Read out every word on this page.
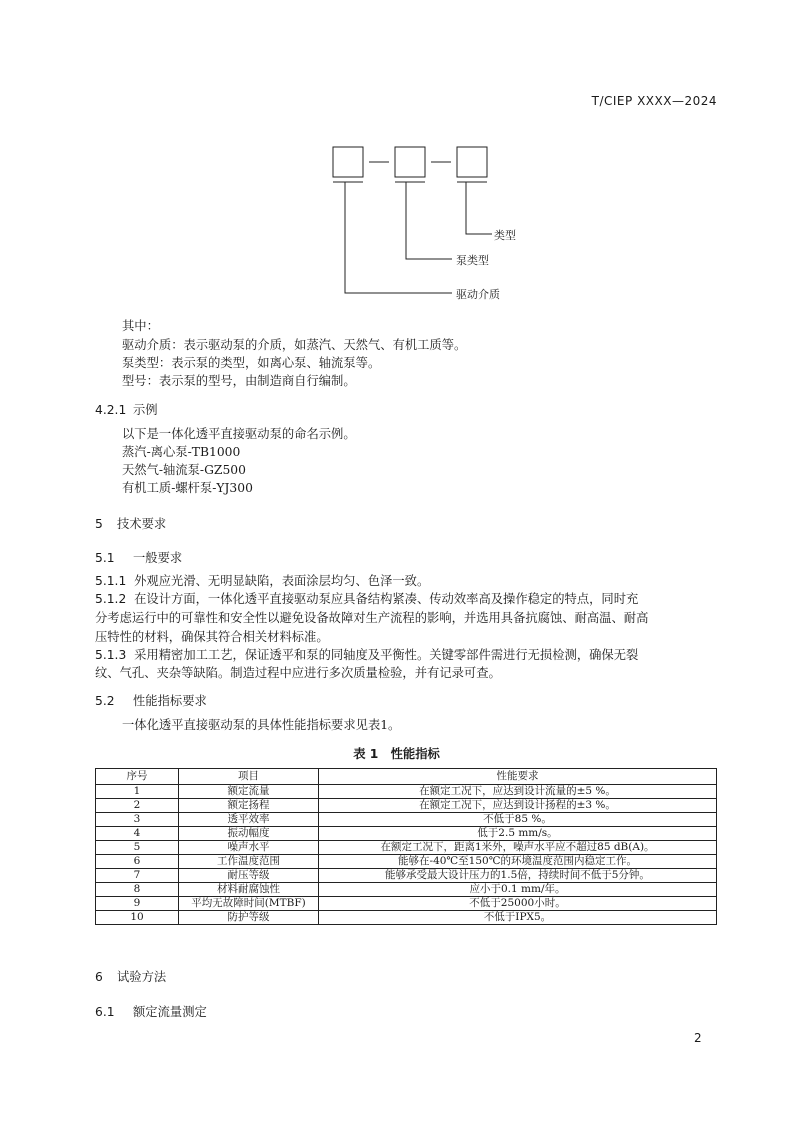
T/CIEP XXXX—2024
类型
泵类型
驱动介质
其中：
驱动介质：表示驱动泵的介质，如蒸汽、天然气、有机工质等。
泵类型：表示泵的类型，如离心泵、轴流泵等。
型号：表示泵的型号，由制造商自行编制。
4.2.1 示例
以下是一体化透平直接驱动泵的命名示例。
蒸汽-离心泵-TB1000
天然气-轴流泵-GZ500
有机工质-螺杆泵-YJ300
5 技术要求
5.1 一般要求
5.1.1 外观应光滑、无明显缺陷，表面涂层均匀、色泽一致。
5.1.2 在设计方面，一体化透平直接驱动泵应具备结构紧凑、传动效率高及操作稳定的特点，同时充
分考虑运行中的可靠性和安全性以避免设备故障对生产流程的影响，并选用具备抗腐蚀、耐高温、耐高
压特性的材料，确保其符合相关材料标准。
5.1.3 采用精密加工工艺，保证透平和泵的同轴度及平衡性。关键零部件需进行无损检测，确保无裂
纹、气孔、夹杂等缺陷。制造过程中应进行多次质量检验，并有记录可查。
5.2 性能指标要求
一体化透平直接驱动泵的具体性能指标要求见表1。
表 1　性能指标
序号	项目	性能要求
1	额定流量	在额定工况下，应达到设计流量的±5 %。
2	额定扬程	在额定工况下，应达到设计扬程的±3 %。
3	透平效率	不低于85 %。
4	振动幅度	低于2.5 mm/s。
5	噪声水平	在额定工况下，距离1米外，噪声水平应不超过85 dB(A)。
6	工作温度范围	能够在-40℃至150℃的环境温度范围内稳定工作。
7	耐压等级	能够承受最大设计压力的1.5倍，持续时间不低于5分钟。
8	材料耐腐蚀性	应小于0.1 mm/年。
9	平均无故障时间(MTBF)	不低于25000小时。
10	防护等级	不低于IPX5。
6 试验方法
6.1 额定流量测定
2
